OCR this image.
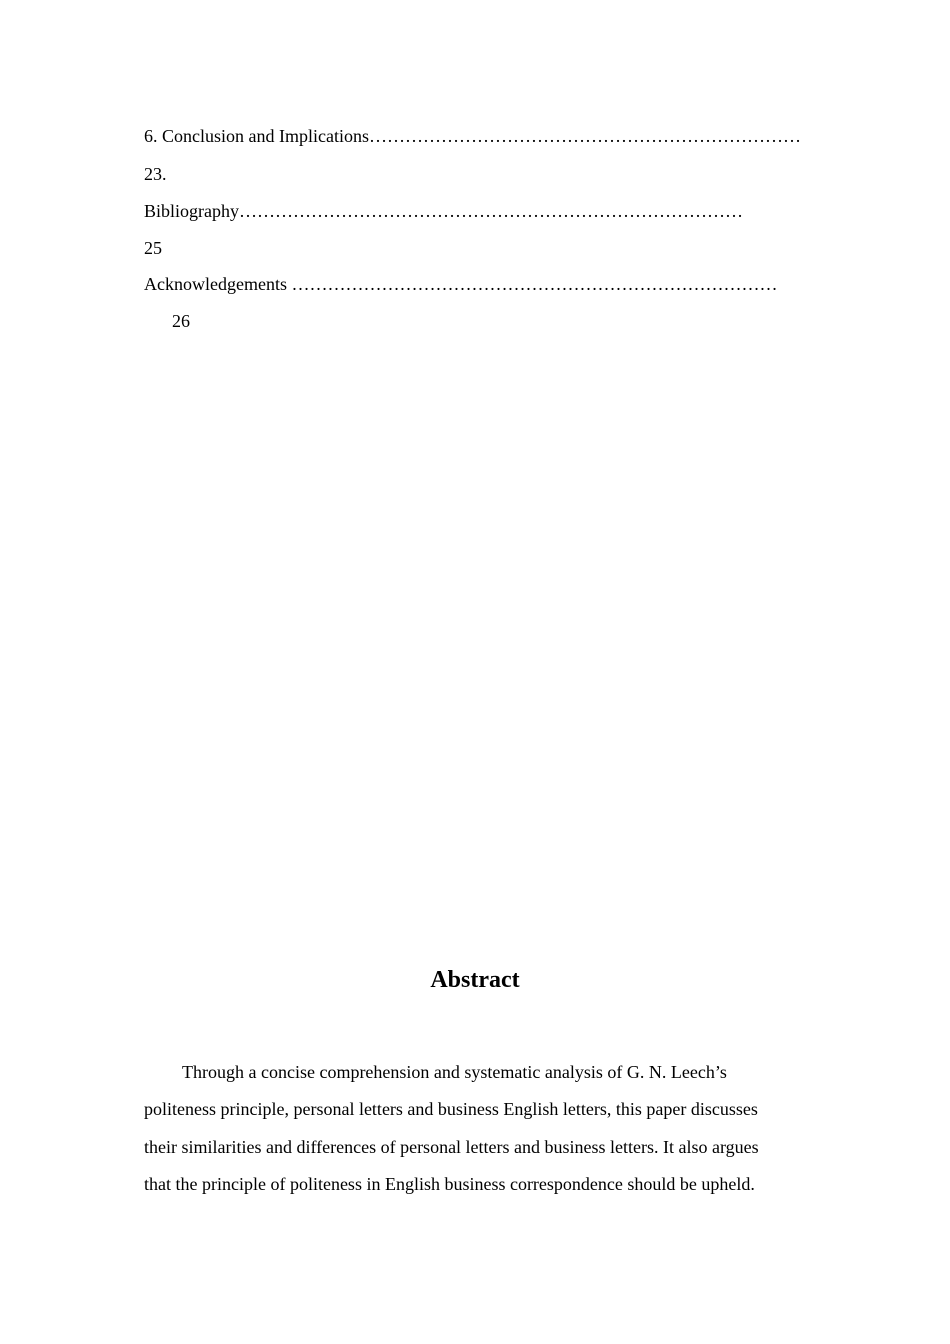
6. Conclusion and Implications………………………………………………………………
23.
Bibliography…………………………………………………………………………
25
Acknowledgements ………………………………………………………………………
26
Abstract
Through a concise comprehension and systematic analysis of G. N. Leech’s
politeness principle, personal letters and business English letters, this paper discusses
their similarities and differences of personal letters and business letters. It also argues
that the principle of politeness in English business correspondence should be upheld.
